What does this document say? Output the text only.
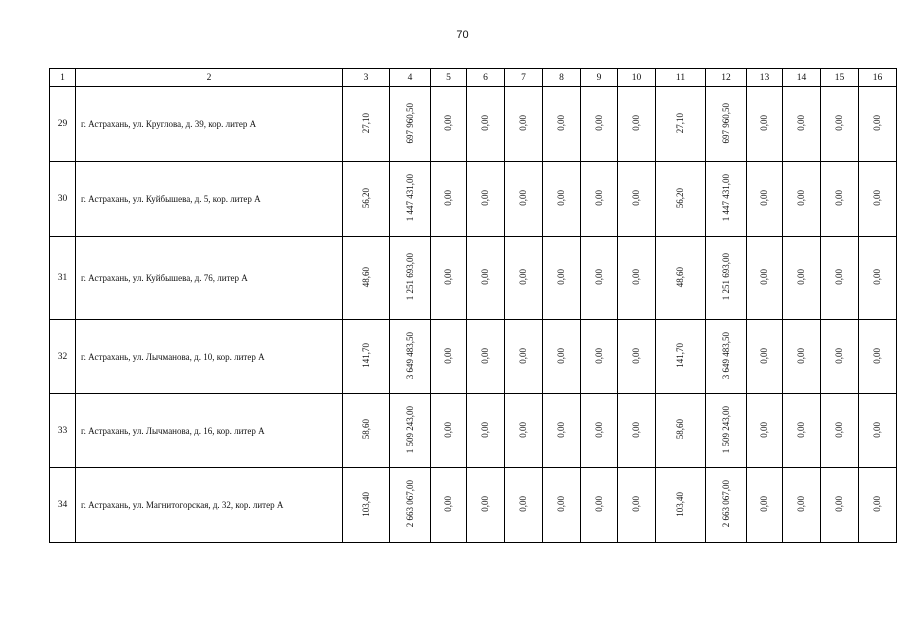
70
1	2	3	4	5	6	7	8	9	10	11	12	13	14	15	16
29	г. Астрахань, ул. Круглова, д. 39, кор. литер А	27,10	697 960,50	0,00	0,00	0,00	0,00	0,00	0,00	27,10	697 960,50	0,00	0,00	0,00	0,00
30	г. Астрахань, ул. Куйбышева, д. 5, кор. литер А	56,20	1 447 431,00	0,00	0,00	0,00	0,00	0,00	0,00	56,20	1 447 431,00	0,00	0,00	0,00	0,00
31	г. Астрахань, ул. Куйбышева, д. 76, литер А	48,60	1 251 693,00	0,00	0,00	0,00	0,00	0,00	0,00	48,60	1 251 693,00	0,00	0,00	0,00	0,00
32	г. Астрахань, ул. Лычманова, д. 10, кор. литер А	141,70	3 649 483,50	0,00	0,00	0,00	0,00	0,00	0,00	141,70	3 649 483,50	0,00	0,00	0,00	0,00
33	г. Астрахань, ул. Лычманова, д. 16, кор. литер А	58,60	1 509 243,00	0,00	0,00	0,00	0,00	0,00	0,00	58,60	1 509 243,00	0,00	0,00	0,00	0,00
34	г. Астрахань, ул. Магнитогорская, д. 32, кор. литер А	103,40	2 663 067,00	0,00	0,00	0,00	0,00	0,00	0,00	103,40	2 663 067,00	0,00	0,00	0,00	0,00
